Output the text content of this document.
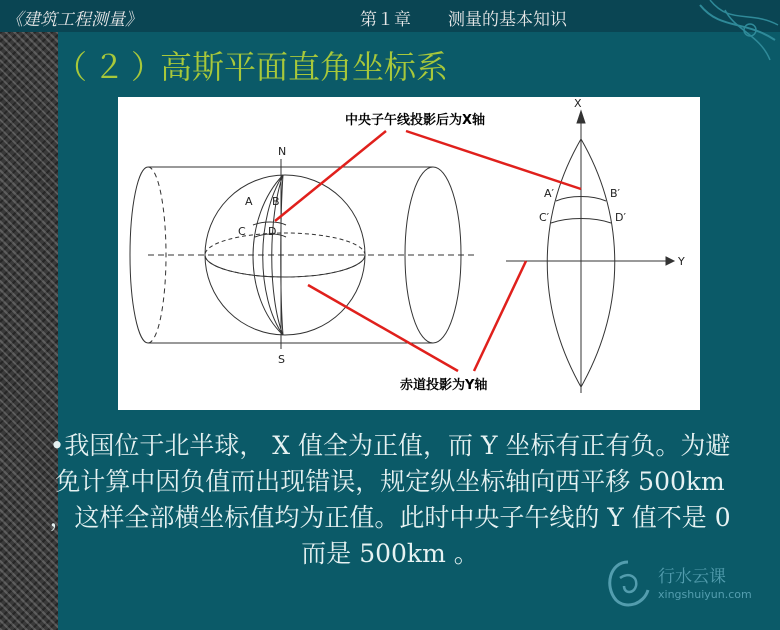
《建筑工程测量》	第１章 测量的基本知识
（２）
高斯平面直角坐标系
N
S
A B
C D
X
Y
A′	B′
C′	D′
中央子午线投影后为X轴
赤道投影为Y轴
•我国位于北半球， X 值全为正值，而 Y 坐标有正有负。为避免计算中因负值而出现错误，规定纵坐标轴向西平移 500km ，这样全部横坐标值均为正值。此时中央子午线的 Y 值不是 0 而是 500km 。
行水云课
xingshuiyun.com
